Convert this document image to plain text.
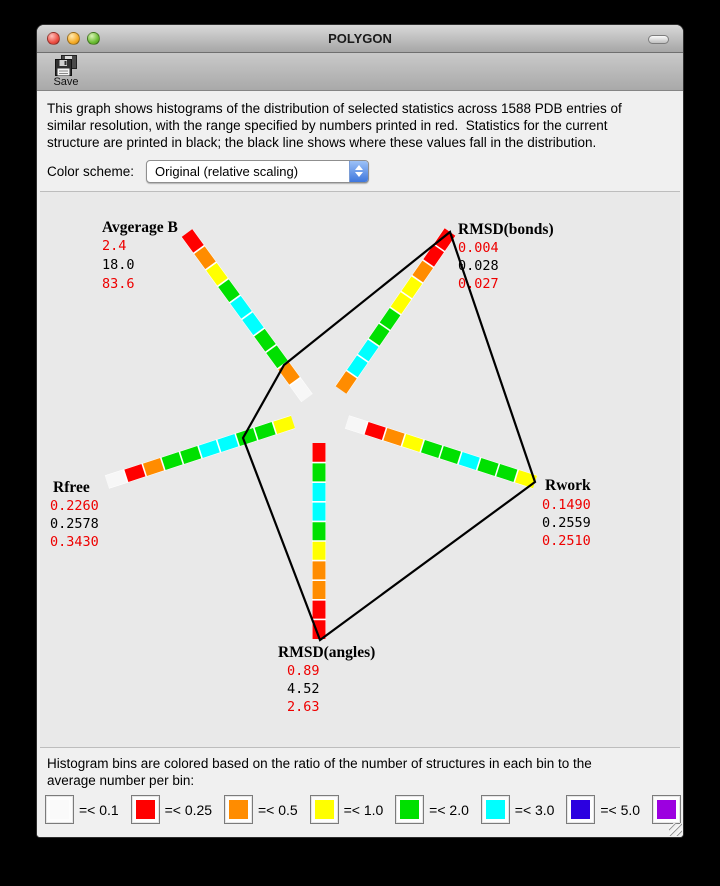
POLYGON
Save
This graph shows histograms of the distribution of selected statistics across 1588 PDB entries of
similar resolution, with the range specified by numbers printed in red.  Statistics for the current
structure are printed in black; the black line shows where these values fall in the distribution.
Color scheme:	Original (relative scaling)
Avgerage B
2.4
18.0
83.6
RMSD(bonds)
0.004
0.028
0.027
Rwork
0.1490
0.2559
0.2510
RMSD(angles)
0.89
4.52
2.63
Rfree
0.2260
0.2578
0.3430
Histogram bins are colored based on the ratio of the number of structures in each bin to the
average number per bin:
=< 0.1	=< 0.25	=< 0.5	=< 1.0	=< 2.0	=< 3.0	=< 5.0
